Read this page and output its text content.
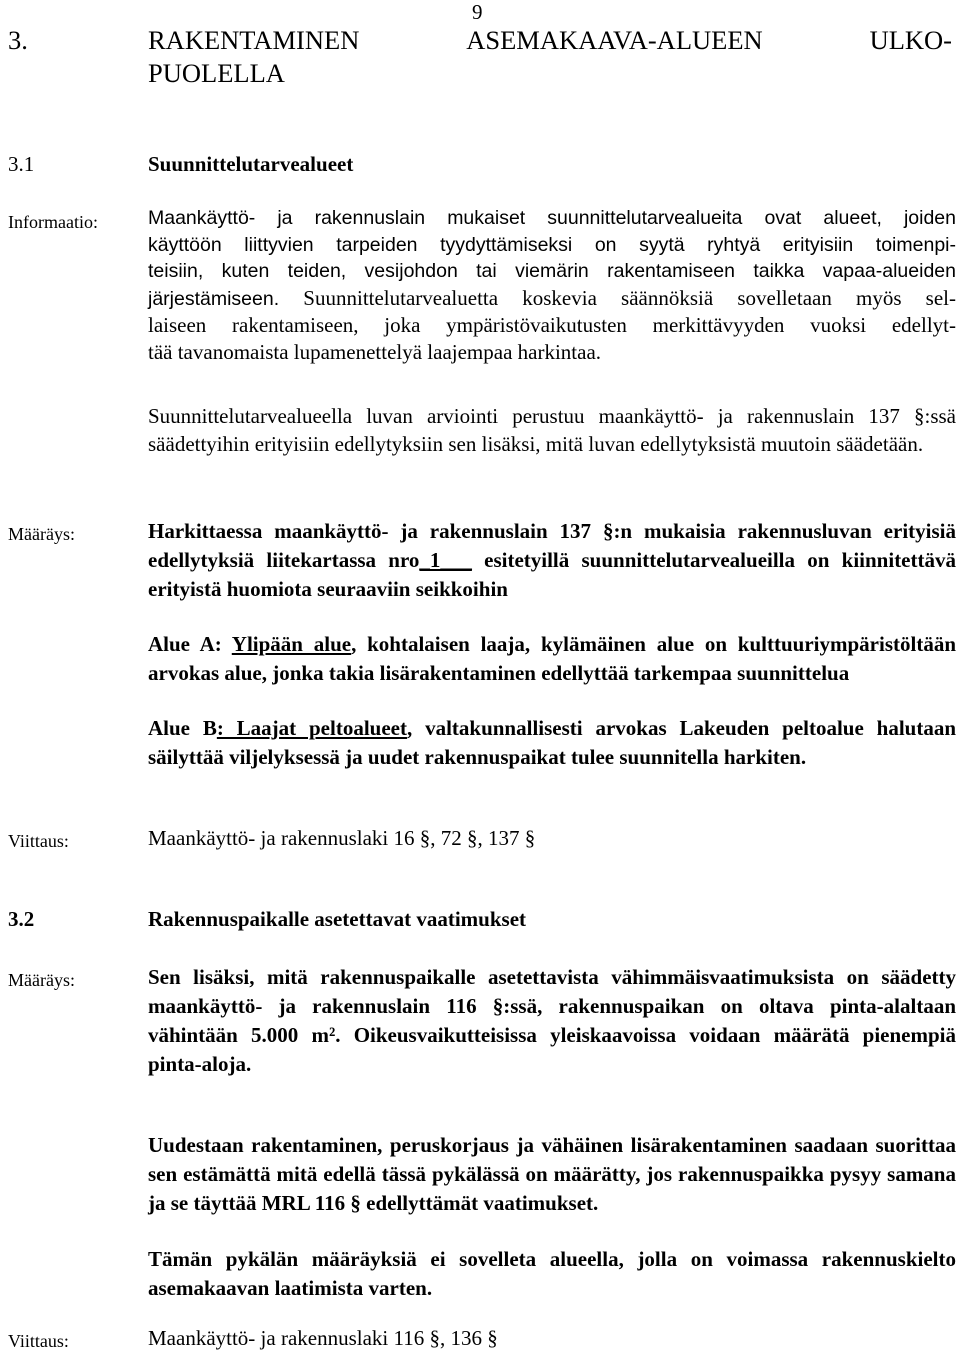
9
3.	RAKENTAMINEN	ASEMAKAAVA-ALUEEN	ULKO-
PUOLELLA
3.1	Suunnittelutarvealueet
Informaatio:	Maankäyttö- ja rakennuslain mukaiset suunnittelutarvealueita ovat alueet, joiden
käyttöön liittyvien tarpeiden tyydyttämiseksi on syytä ryhtyä erityisiin toimenpi-
teisiin, kuten teiden, vesijohdon tai viemärin rakentamiseen taikka vapaa-alueiden
järjestämiseen. Suunnittelutarvealuetta koskevia säännöksiä sovelletaan myös sel-
laiseen rakentamiseen, joka ympäristövaikutusten merkittävyyden vuoksi edellyt-
tää tavanomaista lupamenettelyä laajempaa harkintaa.
Suunnittelutarvealueella luvan arviointi perustuu maankäyttö- ja rakennuslain 137 §:ssä säädettyihin erityisiin edellytyksiin sen lisäksi, mitä luvan edellytyksistä muutoin säädetään.
Määräys:	Harkittaessa maankäyttö- ja rakennuslain 137 §:n mukaisia rakennusluvan erityisiä edellytyksiä liitekartassa nro_1___ esitetyillä suunnittelutarvealueilla on kiinnitettävä erityistä huomiota seuraaviin seikkoihin
Alue A: Ylipään alue, kohtalaisen laaja, kylämäinen alue on kulttuuriympäristöltään arvokas alue, jonka takia lisärakentaminen edellyttää tarkempaa suunnittelua
Alue B: Laajat peltoalueet, valtakunnallisesti arvokas Lakeuden peltoalue halutaan säilyttää viljelyksessä ja uudet rakennuspaikat tulee suunnitella harkiten.
Viittaus:	Maankäyttö- ja rakennuslaki 16 §, 72 §, 137 §
3.2	Rakennuspaikalle asetettavat vaatimukset
Määräys:	Sen lisäksi, mitä rakennuspaikalle asetettavista vähimmäisvaatimuksista on säädetty maankäyttö- ja rakennuslain 116 §:ssä, rakennuspaikan on oltava pinta-alaltaan vähintään 5.000 m². Oikeusvaikutteisissa yleiskaavoissa voidaan määrätä pienempiä pinta-aloja.
Uudestaan rakentaminen, peruskorjaus ja vähäinen lisärakentaminen saadaan suorittaa sen estämättä mitä edellä tässä pykälässä on määrätty, jos rakennuspaikka pysyy samana ja se täyttää MRL 116 § edellyttämät vaatimukset.
Tämän pykälän määräyksiä ei sovelleta alueella, jolla on voimassa rakennuskielto asemakaavan laatimista varten.
Viittaus:	Maankäyttö- ja rakennuslaki 116 §, 136 §
